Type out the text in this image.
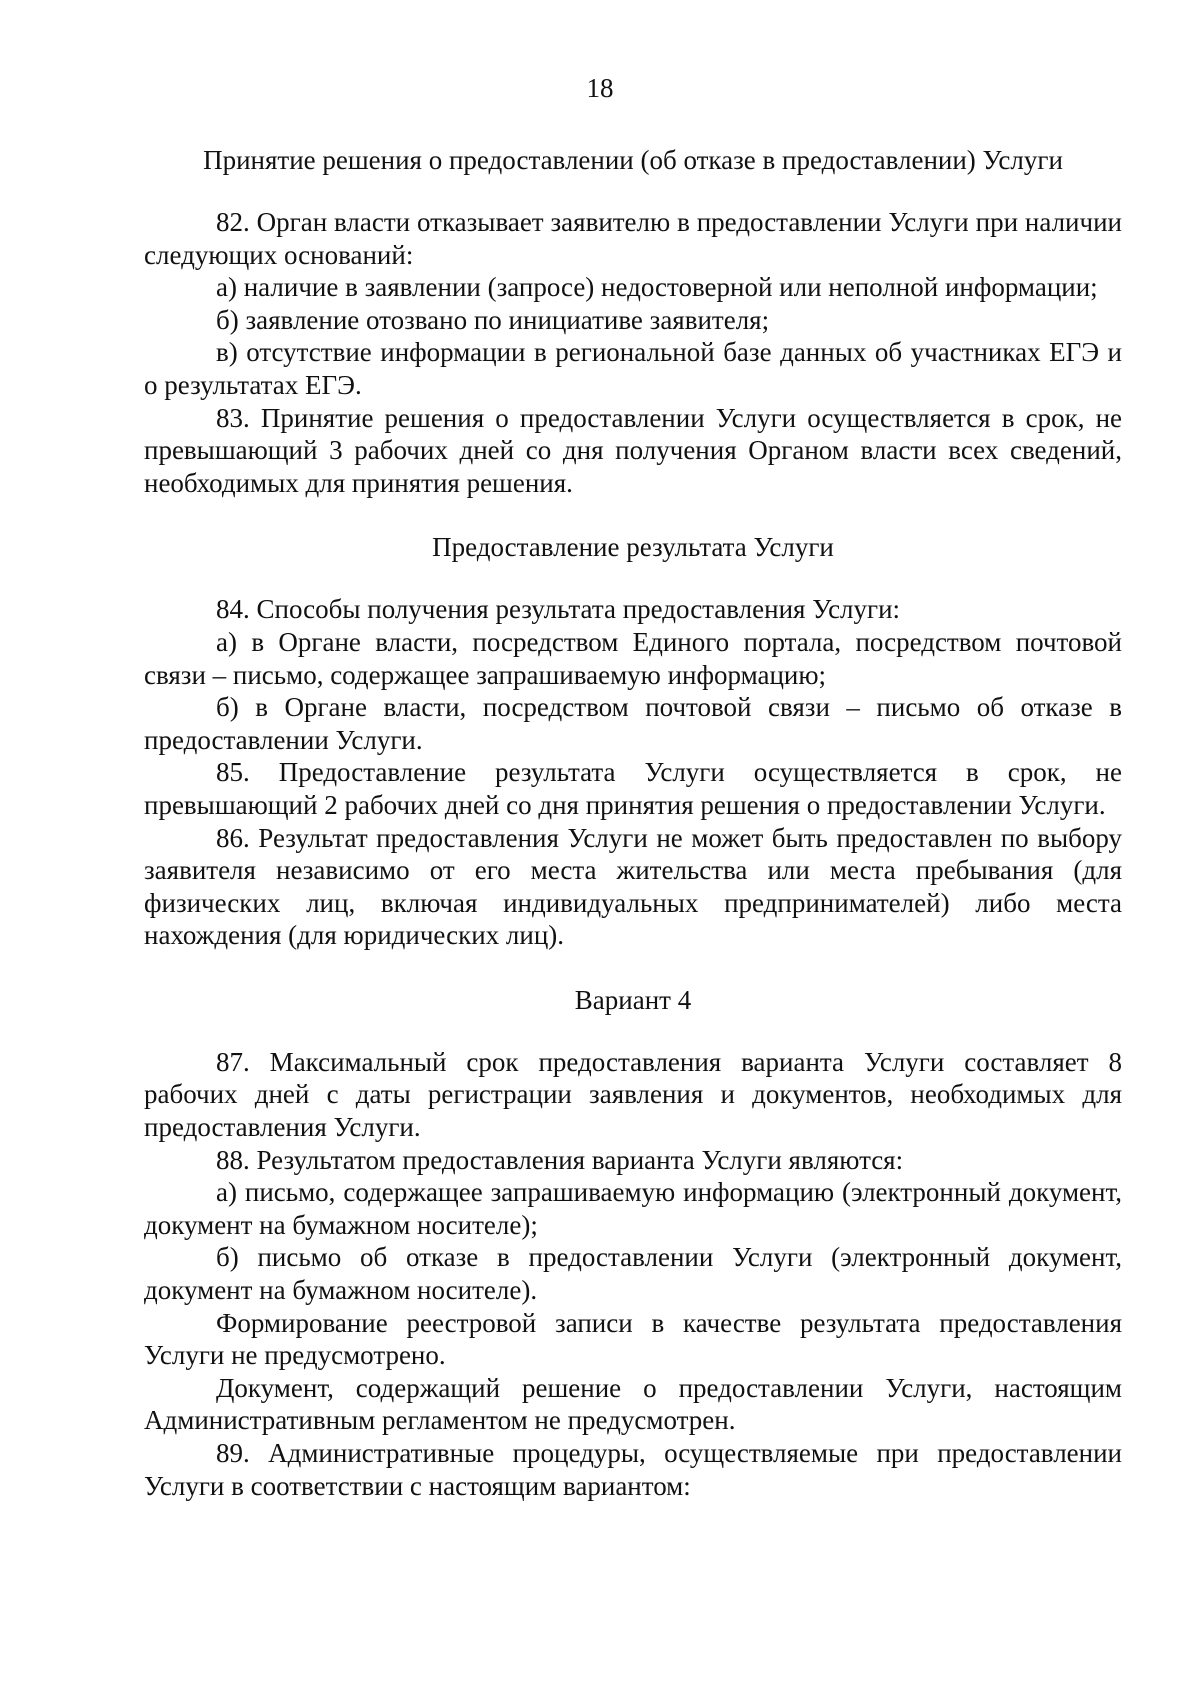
18

Принятие решения о предоставлении (об отказе в предоставлении) Услуги

82. Орган власти отказывает заявителю в предоставлении Услуги при наличии следующих оснований:

а) наличие в заявлении (запросе) недостоверной или неполной информации;

б) заявление отозвано по инициативе заявителя;

в) отсутствие информации в региональной базе данных об участниках ЕГЭ и о результатах ЕГЭ.

83. Принятие решения о предоставлении Услуги осуществляется в срок, не превышающий 3 рабочих дней со дня получения Органом власти всех сведений, необходимых для принятия решения.

Предоставление результата Услуги

84. Способы получения результата предоставления Услуги:

а) в Органе власти, посредством Единого портала, посредством почтовой связи – письмо, содержащее запрашиваемую информацию;

б) в Органе власти, посредством почтовой связи – письмо об отказе в предоставлении Услуги.

85. Предоставление результата Услуги осуществляется в срок, не превышающий 2 рабочих дней со дня принятия решения о предоставлении Услуги.

86. Результат предоставления Услуги не может быть предоставлен по выбору заявителя независимо от его места жительства или места пребывания (для физических лиц, включая индивидуальных предпринимателей) либо места нахождения (для юридических лиц).

Вариант 4

87. Максимальный срок предоставления варианта Услуги составляет 8 рабочих дней с даты регистрации заявления и документов, необходимых для предоставления Услуги.

88. Результатом предоставления варианта Услуги являются:

а) письмо, содержащее запрашиваемую информацию (электронный документ, документ на бумажном носителе);

б) письмо об отказе в предоставлении Услуги (электронный документ, документ на бумажном носителе).

Формирование реестровой записи в качестве результата предоставления Услуги не предусмотрено.

Документ, содержащий решение о предоставлении Услуги, настоящим Административным регламентом не предусмотрен.

89. Административные процедуры, осуществляемые при предоставлении Услуги в соответствии с настоящим вариантом:
